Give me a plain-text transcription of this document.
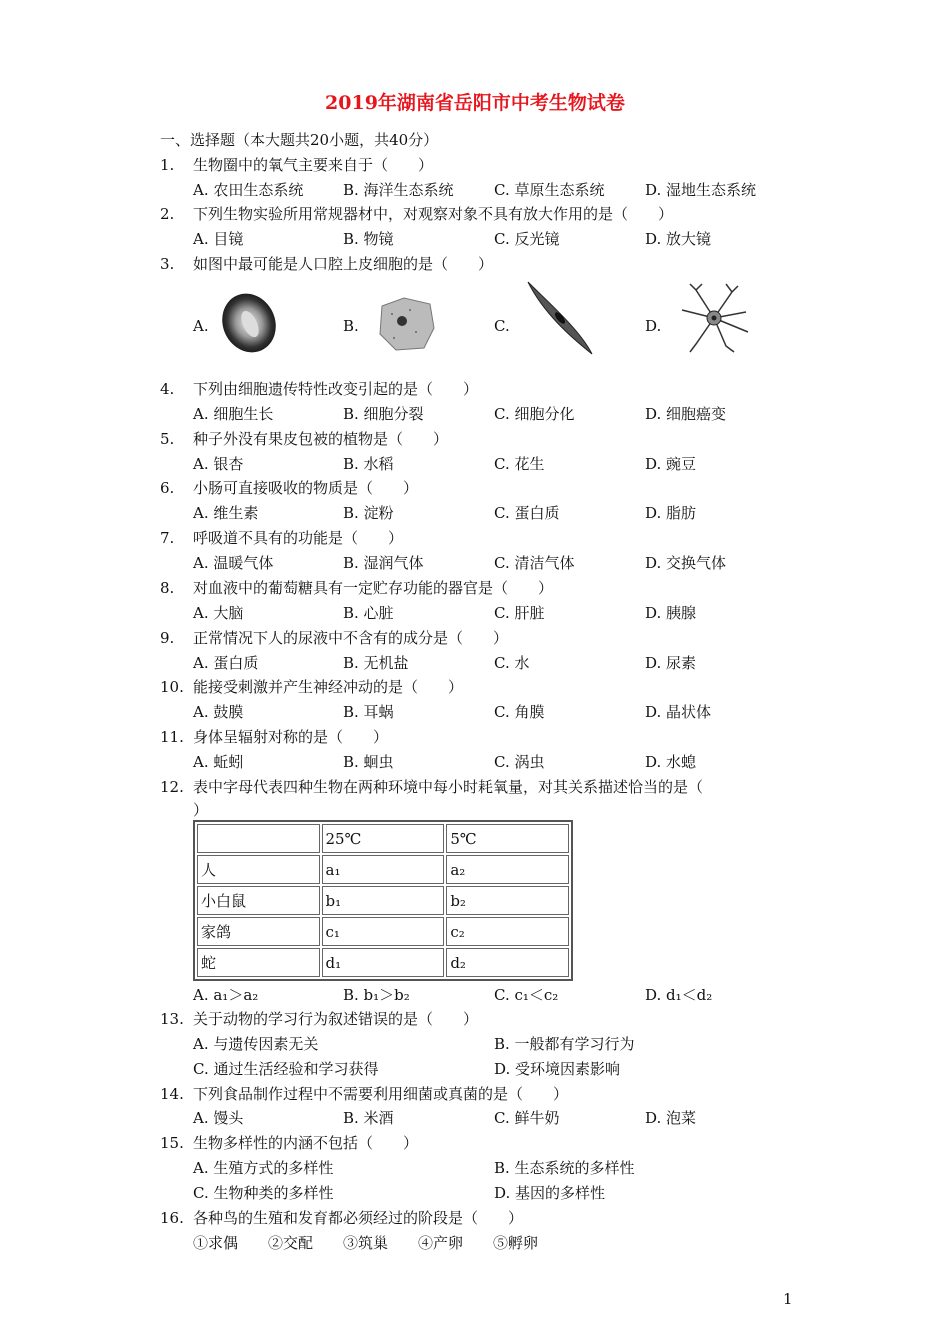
2019年湖南省岳阳市中考生物试卷
一、选择题（本大题共20小题，共40分）
1. 生物圈中的氧气主要来自于（　　）
A. 农田生态系统	B. 海洋生态系统	C. 草原生态系统	D. 湿地生态系统
2. 下列生物实验所用常规器材中，对观察对象不具有放大作用的是（　　）
A. 目镜	B. 物镜	C. 反光镜	D. 放大镜
3. 如图中最可能是人口腔上皮细胞的是（　　）
A.	B.	C.	D.
4. 下列由细胞遗传特性改变引起的是（　　）
A. 细胞生长	B. 细胞分裂	C. 细胞分化	D. 细胞癌变
5. 种子外没有果皮包被的植物是（　　）
A. 银杏	B. 水稻	C. 花生	D. 豌豆
6. 小肠可直接吸收的物质是（　　）
A. 维生素	B. 淀粉	C. 蛋白质	D. 脂肪
7. 呼吸道不具有的功能是（　　）
A. 温暖气体	B. 湿润气体	C. 清洁气体	D. 交换气体
8. 对血液中的葡萄糖具有一定贮存功能的器官是（　　）
A. 大脑	B. 心脏	C. 肝脏	D. 胰腺
9. 正常情况下人的尿液中不含有的成分是（　　）
A. 蛋白质	B. 无机盐	C. 水	D. 尿素
10. 能接受刺激并产生神经冲动的是（　　）
A. 鼓膜	B. 耳蜗	C. 角膜	D. 晶状体
11. 身体呈辐射对称的是（　　）
A. 蚯蚓	B. 蛔虫	C. 涡虫	D. 水螅
12. 表中字母代表四种生物在两种环境中每小时耗氧量，对其关系描述恰当的是（
）
	25℃	5℃
人	a₁	a₂
小白鼠	b₁	b₂
家鸽	c₁	c₂
蛇	d₁	d₂
A. a₁＞a₂	B. b₁＞b₂	C. c₁＜c₂	D. d₁＜d₂
13. 关于动物的学习行为叙述错误的是（　　）
A. 与遗传因素无关	B. 一般都有学习行为
C. 通过生活经验和学习获得	D. 受环境因素影响
14. 下列食品制作过程中不需要利用细菌或真菌的是（　　）
A. 馒头	B. 米酒	C. 鲜牛奶	D. 泡菜
15. 生物多样性的内涵不包括（　　）
A. 生殖方式的多样性	B. 生态系统的多样性
C. 生物种类的多样性	D. 基因的多样性
16. 各种鸟的生殖和发育都必须经过的阶段是（　　）
①求偶　　②交配　　③筑巢　　④产卵　　⑤孵卵
1
